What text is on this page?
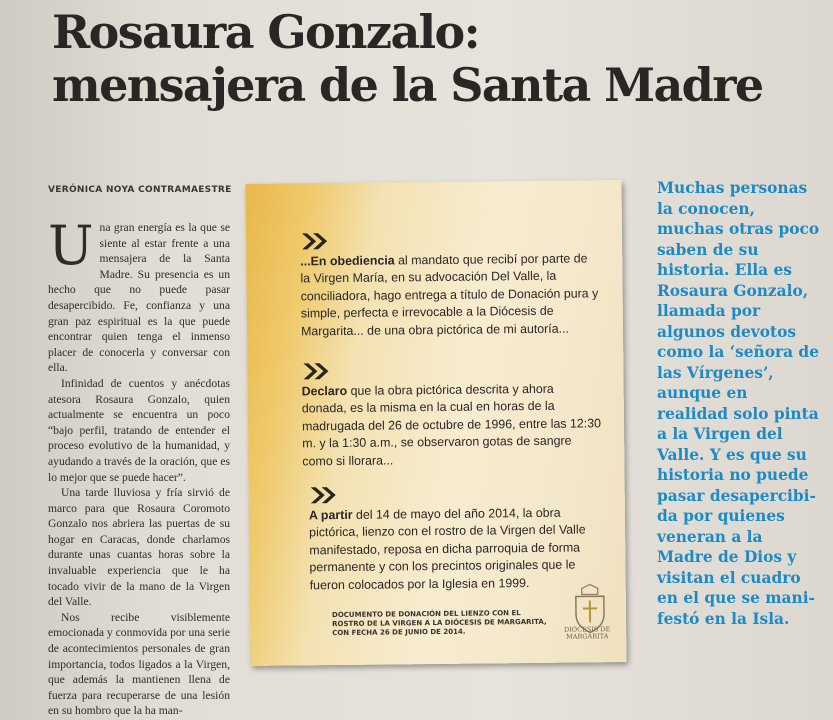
Rosaura Gonzalo:
mensajera de la Santa Madre
VERÓNICA NOYA CONTRAMAESTRE

Una gran energía es la que se siente al estar frente a una mensajera de la Santa Madre. Su presencia es un hecho que no puede pasar desapercibido. Fe, confianza y una gran paz espiritual es la que puede encontrar quien tenga el inmenso placer de conocerla y conversar con ella.

Infinidad de cuentos y anécdotas atesora Rosaura Gonzalo, quien actualmente se encuentra un poco “bajo perfil, tratando de entender el proceso evolutivo de la humanidad, y ayudando a través de la oración, que es lo mejor que se puede hacer”.

Una tarde lluviosa y fría sirvió de marco para que Rosaura Coromoto Gonzalo nos abriera las puertas de su hogar en Caracas, donde charlamos durante unas cuantas horas sobre la invaluable experiencia que le ha tocado vivir de la mano de la Virgen del Valle.

Nos recibe visiblemente emocionada y conmovida por una serie de acontecimientos personales de gran importancia, todos ligados a la Virgen, que además la mantienen llena de fuerza para recuperarse de una lesión en su hombro que la ha man-

...En obediencia al mandato que recibí por parte de la Virgen María, en su advocación Del Valle, la conciliadora, hago entrega a título de Donación pura y simple, perfecta e irrevocable a la Diócesis de Margarita... de una obra pictórica de mi autoría...
Declaro que la obra pictórica descrita y ahora donada, es la misma en la cual en horas de la madrugada del 26 de octubre de 1996, entre las 12:30 m. y la 1:30 a.m., se observaron gotas de sangre como si llorara...
A partir del 14 de mayo del año 2014, la obra pictórica, lienzo con el rostro de la Virgen del Valle manifestado, reposa en dicha parroquia de forma permanente y con los precintos originales que le fueron colocados por la Iglesia en 1999.
DOCUMENTO DE DONACIÓN DEL LIENZO CON EL ROSTRO DE LA VIRGEN A LA DIÓCESIS DE MARGARITA, CON FECHA 26 DE JUNIO DE 2014.	DIÓCESIS DE MARGARITA
Muchas personas
la conocen,
muchas otras poco
saben de su
historia. Ella es
Rosaura Gonzalo,
llamada por
algunos devotos
como la ‘señora de
las Vírgenes’,
aunque en
realidad solo pinta
a la Virgen del
Valle. Y es que su
historia no puede
pasar desapercibi-
da por quienes
veneran a la
Madre de Dios y
visitan el cuadro
en el que se mani-
festó en la Isla.
